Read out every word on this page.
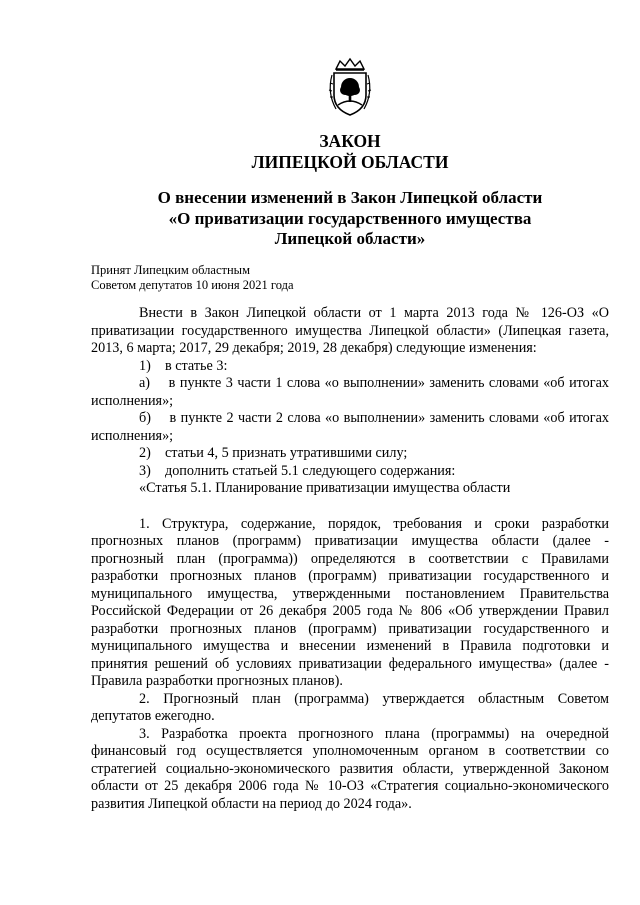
ЗАКОН

ЛИПЕЦКОЙ ОБЛАСТИ

О внесении изменений в Закон Липецкой области

«О приватизации государственного имущества

Липецкой области»

Принят Липецким областным
Советом депутатов 10 июня 2021 года

Внести в Закон Липецкой области от 1 марта 2013 года № 126-ОЗ «О приватизации государственного имущества Липецкой области» (Липецкая газета, 2013, 6 марта; 2017, 29 декабря; 2019, 28 декабря) следующие изменения:

1) в статье 3:
а)  в пункте 3 части 1 слова «о выполнении» заменить словами «об итогах исполнения»;
б)  в пункте 2 части 2 слова «о выполнении» заменить словами «об итогах исполнения»;
2) статьи 4, 5 признать утратившими силу;
3) дополнить статьей 5.1 следующего содержания:

«Статья 5.1. Планирование приватизации имущества области

1. Структура, содержание, порядок, требования и сроки разработки прогнозных планов (программ) приватизации имущества области (далее - прогнозный план (программа)) определяются в соответствии с Правилами разработки прогнозных планов (программ) приватизации государственного и муниципального имущества, утвержденными постановлением Правительства Российской Федерации от 26 декабря 2005 года № 806 «Об утверждении Правил разработки прогнозных планов (программ) приватизации государственного и муниципального имущества и внесении изменений в Правила подготовки и принятия решений об условиях приватизации федерального имущества» (далее - Правила разработки прогнозных планов).

2. Прогнозный план (программа) утверждается областным Советом депутатов ежегодно.

3. Разработка проекта прогнозного плана (программы) на очередной финансовый год осуществляется уполномоченным органом в соответствии со стратегией социально-экономического развития области, утвержденной Законом области от 25 декабря 2006 года № 10-ОЗ «Стратегия социально-экономического развития Липецкой области на период до 2024 года».
